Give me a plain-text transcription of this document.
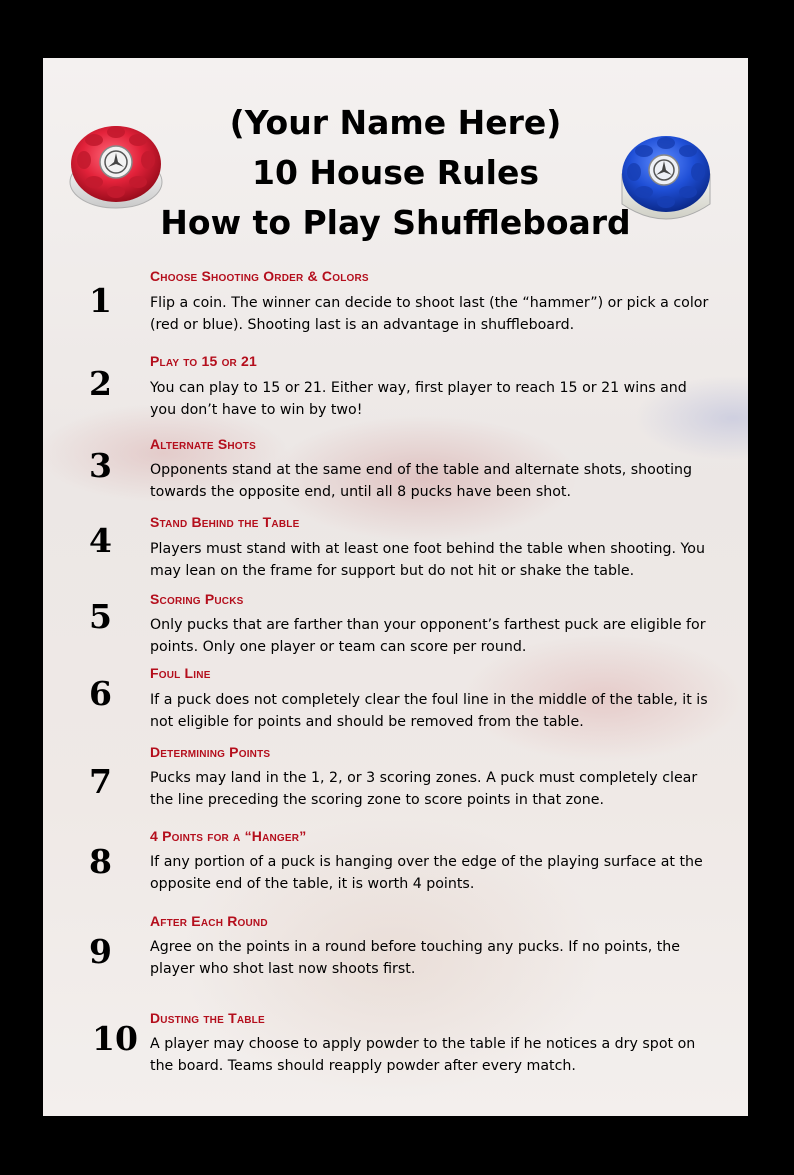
(Your Name Here)
10 House Rules
How to Play Shuffleboard
1
Choose Shooting Order & Colors

Flip a coin. The winner can decide to shoot last (the “hammer”) or pick a color (red or blue). Shooting last is an advantage in shuffleboard.

2
Play to 15 or 21

You can play to 15 or 21. Either way, first player to reach 15 or 21 wins and you don’t have to win by two!

3
Alternate Shots

Opponents stand at the same end of the table and alternate shots, shooting towards the opposite end, until all 8 pucks have been shot.

4	Stand Behind the Table

Players must stand with at least one foot behind the table when shooting. You may lean on the frame for support but do not hit or shake the table.

5	Scoring Pucks

Only pucks that are farther than your opponent’s farthest puck are eligible for points. Only one player or team can score per round.

6
Foul Line

If a puck does not completely clear the foul line in the middle of the table, it is not eligible for points and should be removed from the table.

7
Determining Points

Pucks may land in the 1, 2, or 3 scoring zones. A puck must completely clear the line preceding the scoring zone to score points in that zone.

8
4 Points for a “Hanger”

If any portion of a puck is hanging over the edge of the playing surface at the opposite end of the table, it is worth 4 points.

9
After Each Round

Agree on the points in a round before touching any pucks. If no points, the player who shot last now shoots first.

10
Dusting the Table

A player may choose to apply powder to the table if he notices a dry spot on the board. Teams should reapply powder after every match.
